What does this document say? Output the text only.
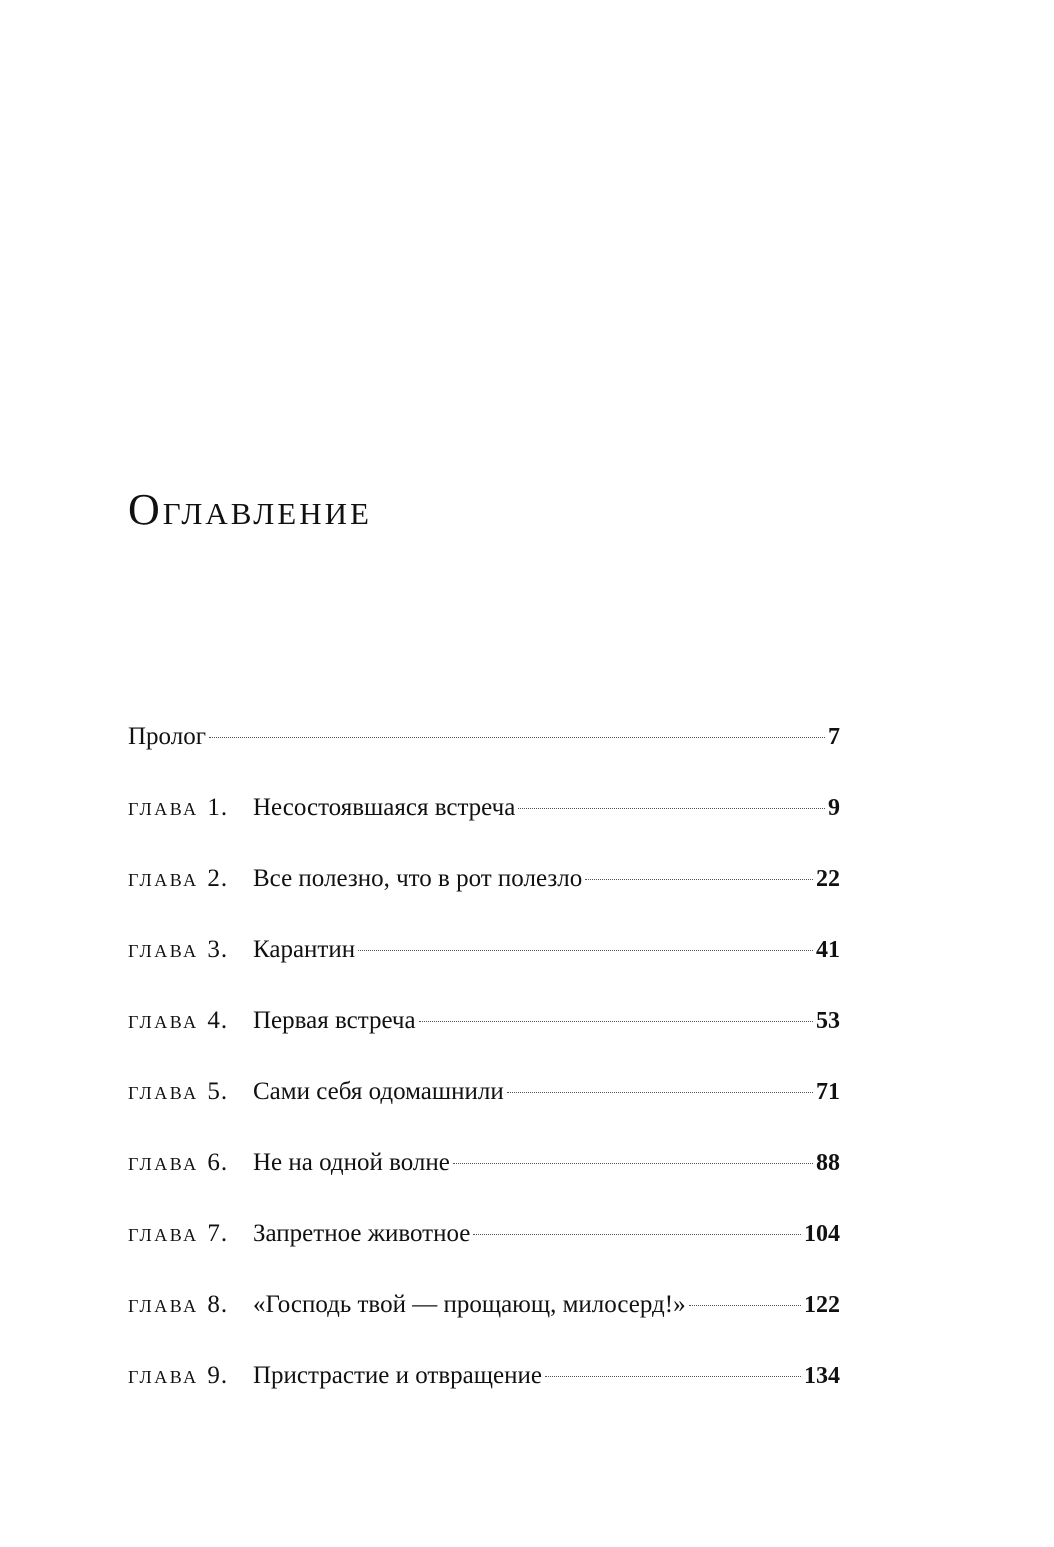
Оглавление
Пролог	7
глава 1. Несостоявшаяся встреча	9
глава 2. Все полезно, что в рот полезло	22
глава 3. Карантин	41
глава 4. Первая встреча	53
глава 5. Сами себя одомашнили	71
глава 6. Не на одной волне	88
глава 7. Запретное животное	104
глава 8. «Господь твой — прощающ, милосерд!»	122
глава 9. Пристрастие и отвращение	134
